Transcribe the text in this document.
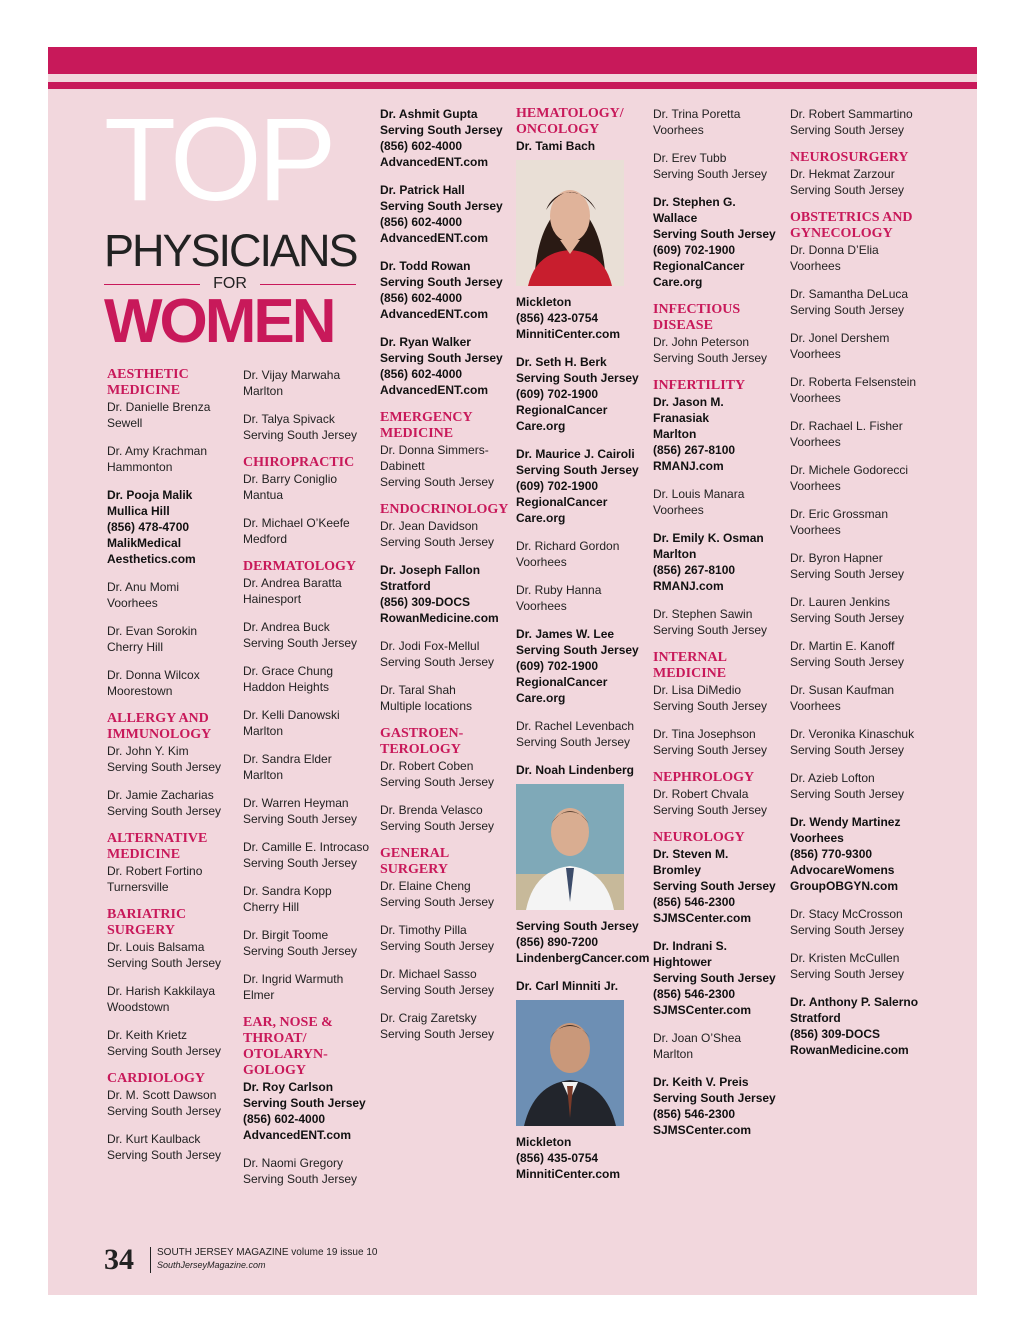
TOP
PHYSICIANS
FOR
WOMEN
AESTHETIC MEDICINE
Dr. Danielle Brenza
Sewell
Dr. Amy Krachman
Hammonton
Dr. Pooja Malik
Mullica Hill
(856) 478-4700
MalikMedical
Aesthetics.com
Dr. Anu Momi
Voorhees
Dr. Evan Sorokin
Cherry Hill
Dr. Donna Wilcox
Moorestown
ALLERGY AND IMMUNOLOGY
Dr. John Y. Kim
Serving South Jersey
Dr. Jamie Zacharias
Serving South Jersey
ALTERNATIVE MEDICINE
Dr. Robert Fortino
Turnersville
BARIATRIC SURGERY
Dr. Louis Balsama
Serving South Jersey
Dr. Harish Kakkilaya
Woodstown
Dr. Keith Krietz
Serving South Jersey
CARDIOLOGY
Dr. M. Scott Dawson
Serving South Jersey
Dr. Kurt Kaulback
Serving South Jersey
Dr. Vijay Marwaha
Marlton
Dr. Talya Spivack
Serving South Jersey
CHIROPRACTIC
Dr. Barry Coniglio
Mantua
Dr. Michael O’Keefe
Medford
DERMATOLOGY
Dr. Andrea Baratta
Hainesport
Dr. Andrea Buck
Serving South Jersey
Dr. Grace Chung
Haddon Heights
Dr. Kelli Danowski
Marlton
Dr. Sandra Elder
Marlton
Dr. Warren Heyman
Serving South Jersey
Dr. Camille E. Introcaso
Serving South Jersey
Dr. Sandra Kopp
Cherry Hill
Dr. Birgit Toome
Serving South Jersey
Dr. Ingrid Warmuth
Elmer
EAR, NOSE & THROAT/ OTOLARYN- GOLOGY
Dr. Roy Carlson
Serving South Jersey
(856) 602-4000
AdvancedENT.com
Dr. Naomi Gregory
Serving South Jersey
Dr. Ashmit Gupta
Serving South Jersey
(856) 602-4000
AdvancedENT.com
Dr. Patrick Hall
Serving South Jersey
(856) 602-4000
AdvancedENT.com
Dr. Todd Rowan
Serving South Jersey
(856) 602-4000
AdvancedENT.com
Dr. Ryan Walker
Serving South Jersey
(856) 602-4000
AdvancedENT.com
EMERGENCY MEDICINE
Dr. Donna Simmers-
Dabinett
Serving South Jersey
ENDOCRINOLOGY
Dr. Jean Davidson
Serving South Jersey
Dr. Joseph Fallon
Stratford
(856) 309-DOCS
RowanMedicine.com
Dr. Jodi Fox-Mellul
Serving South Jersey
Dr. Taral Shah
Multiple locations
GASTROEN- TEROLOGY
Dr. Robert Coben
Serving South Jersey
Dr. Brenda Velasco
Serving South Jersey
GENERAL SURGERY
Dr. Elaine Cheng
Serving South Jersey
Dr. Timothy Pilla
Serving South Jersey
Dr. Michael Sasso
Serving South Jersey
Dr. Craig Zaretsky
Serving South Jersey
HEMATOLOGY/ ONCOLOGY
Dr. Tami Bach
Mickleton
(856) 423-0754
MinnitiCenter.com
Dr. Seth H. Berk
Serving South Jersey
(609) 702-1900
RegionalCancer
Care.org
Dr. Maurice J. Cairoli
Serving South Jersey
(609) 702-1900
RegionalCancer
Care.org
Dr. Richard Gordon
Voorhees
Dr. Ruby Hanna
Voorhees
Dr. James W. Lee
Serving South Jersey
(609) 702-1900
RegionalCancer
Care.org
Dr. Rachel Levenbach
Serving South Jersey
Dr. Noah Lindenberg
Serving South Jersey
(856) 890-7200
LindenbergCancer.com
Dr. Carl Minniti Jr.
Mickleton
(856) 435-0754
MinnitiCenter.com
Dr. Trina Poretta
Voorhees
Dr. Erev Tubb
Serving South Jersey
Dr. Stephen G.
Wallace
Serving South Jersey
(609) 702-1900
RegionalCancer
Care.org
INFECTIOUS DISEASE
Dr. John Peterson
Serving South Jersey
INFERTILITY
Dr. Jason M.
Franasiak
Marlton
(856) 267-8100
RMANJ.com
Dr. Louis Manara
Voorhees
Dr. Emily K. Osman
Marlton
(856) 267-8100
RMANJ.com
Dr. Stephen Sawin
Serving South Jersey
INTERNAL MEDICINE
Dr. Lisa DiMedio
Serving South Jersey
Dr. Tina Josephson
Serving South Jersey
NEPHROLOGY
Dr. Robert Chvala
Serving South Jersey
NEUROLOGY
Dr. Steven M.
Bromley
Serving South Jersey
(856) 546-2300
SJMSCenter.com
Dr. Indrani S.
Hightower
Serving South Jersey
(856) 546-2300
SJMSCenter.com
Dr. Joan O’Shea
Marlton
Dr. Keith V. Preis
Serving South Jersey
(856) 546-2300
SJMSCenter.com
Dr. Robert Sammartino
Serving South Jersey
NEUROSURGERY
Dr. Hekmat Zarzour
Serving South Jersey
OBSTETRICS AND GYNECOLOGY
Dr. Donna D’Elia
Voorhees
Dr. Samantha DeLuca
Serving South Jersey
Dr. Jonel Dershem
Voorhees
Dr. Roberta Felsenstein
Voorhees
Dr. Rachael L. Fisher
Voorhees
Dr. Michele Godorecci
Voorhees
Dr. Eric Grossman
Voorhees
Dr. Byron Hapner
Serving South Jersey
Dr. Lauren Jenkins
Serving South Jersey
Dr. Martin E. Kanoff
Serving South Jersey
Dr. Susan Kaufman
Voorhees
Dr. Veronika Kinaschuk
Serving South Jersey
Dr. Azieb Lofton
Serving South Jersey
Dr. Wendy Martinez
Voorhees
(856) 770-9300
AdvocareWomens
GroupOBGYN.com
Dr. Stacy McCrosson
Serving South Jersey
Dr. Kristen McCullen
Serving South Jersey
Dr. Anthony P. Salerno
Stratford
(856) 309-DOCS
RowanMedicine.com
34 SOUTH JERSEY MAGAZINE volume 19 issue 10
SouthJerseyMagazine.com
